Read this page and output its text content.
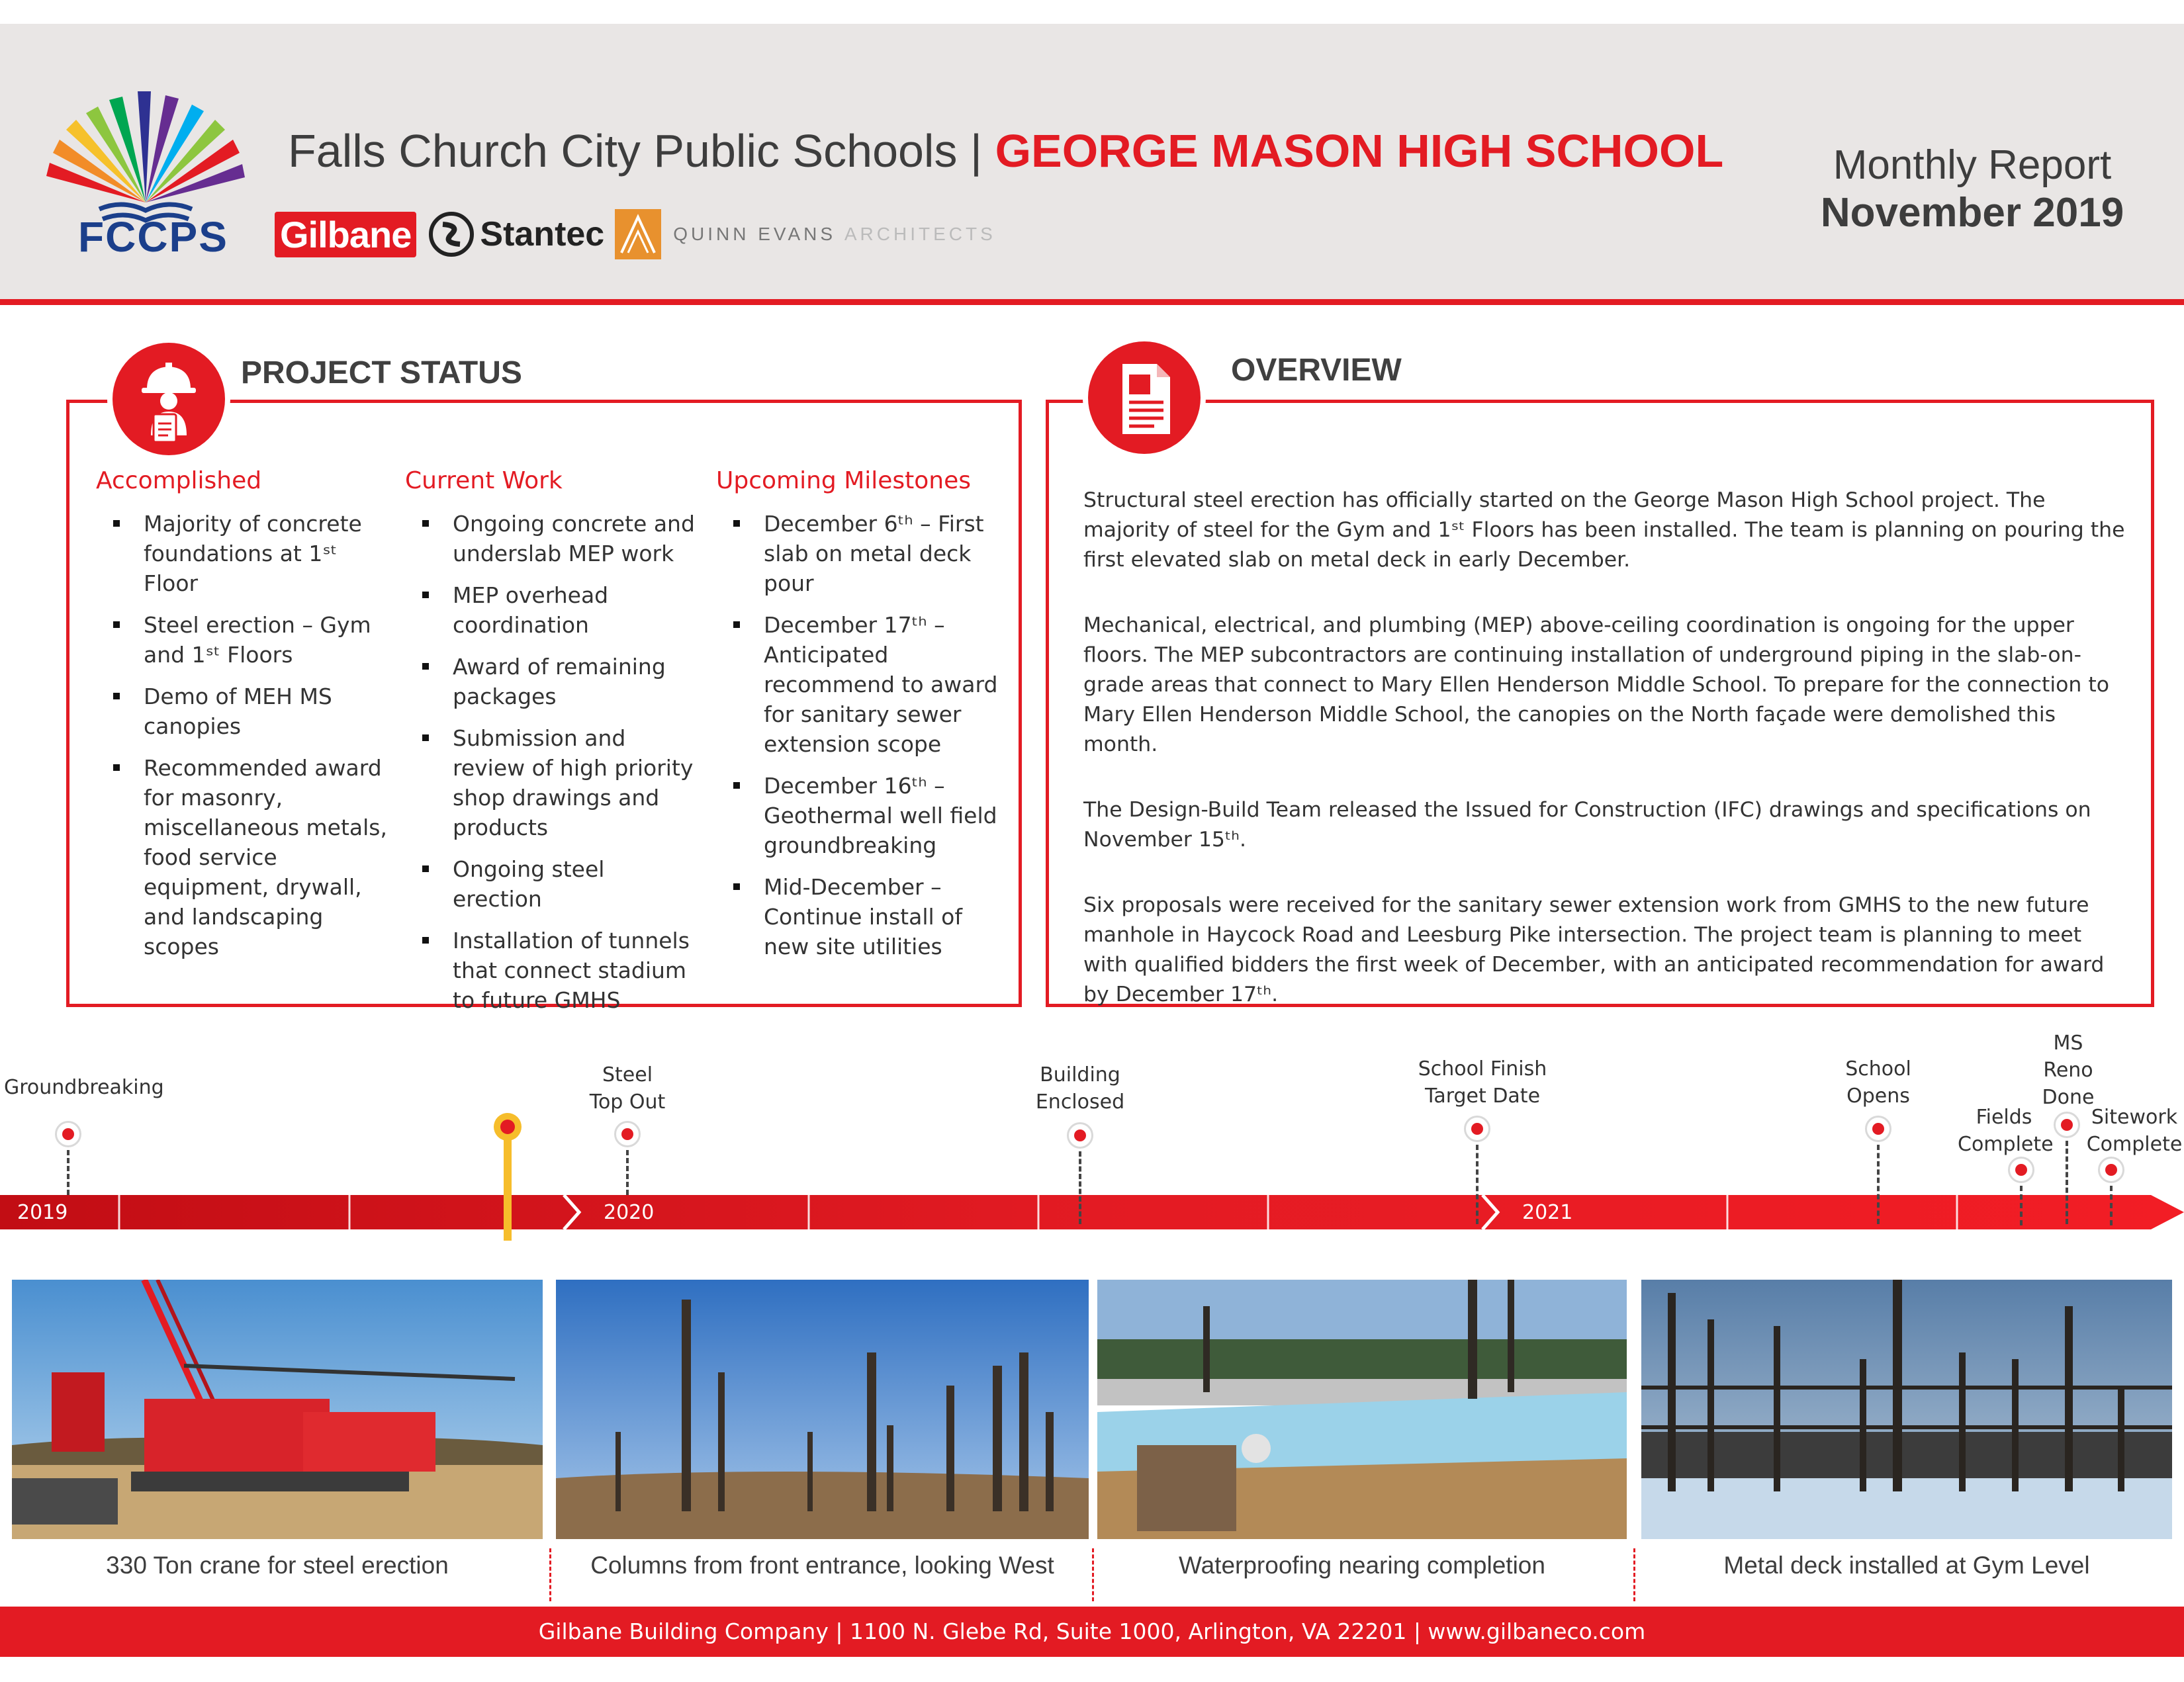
FCCPS
Falls Church City Public Schools | GEORGE MASON HIGH SCHOOL
Gilbane Stantec	QUINN EVANS
ARCHITECTS
Monthly Report
November 2019
PROJECT STATUS
Accomplished
Majority of concrete foundations at 1ˢᵗ Floor
Steel erection – Gym and 1ˢᵗ Floors
Demo of MEH MS canopies
Recommended award for masonry, miscellaneous metals, food service equipment, drywall, and landscaping scopes
Current Work
Ongoing concrete and underslab MEP work
MEP overhead coordination
Award of remaining packages
Submission and review of high priority shop drawings and products
Ongoing steel erection
Installation of tunnels that connect stadium to future GMHS
Upcoming Milestones
December 6ᵗʰ – First slab on metal deck pour
December 17ᵗʰ – Anticipated recommend to award for sanitary sewer extension scope
December 16ᵗʰ – Geothermal well field groundbreaking
Mid-December – Continue install of new site utilities
OVERVIEW

Structural steel erection has officially started on the George Mason High School project. The majority of steel for the Gym and 1ˢᵗ Floors has been installed. The team is planning on pouring the first elevated slab on metal deck in early December.

Mechanical, electrical, and plumbing (MEP) above-ceiling coordination is ongoing for the upper floors. The MEP subcontractors are continuing installation of underground piping in the slab-on-grade areas that connect to Mary Ellen Henderson Middle School. To prepare for the connection to Mary Ellen Henderson Middle School, the canopies on the North façade were demolished this month.

The Design-Build Team released the Issued for Construction (IFC) drawings and specifications on November 15ᵗʰ.

Six proposals were received for the sanitary sewer extension work from GMHS to the new future manhole in Haycock Road and Leesburg Pike intersection. The project team is planning to meet with qualified bidders the first week of December, with an anticipated recommendation for award by December 17ᵗʰ.

2019	2020	2021
Groundbreaking
Steel
Top Out
Building
Enclosed
School Finish
Target Date
School
Opens
Fields
Complete
MS
Reno
Done
Sitework
Complete
330 Ton crane for steel erection	Columns from front entrance, looking West	Waterproofing nearing completion	Metal deck installed at Gym Level
Gilbane Building Company | 1100 N. Glebe Rd, Suite 1000, Arlington, VA 22201 | www.gilbaneco.com
